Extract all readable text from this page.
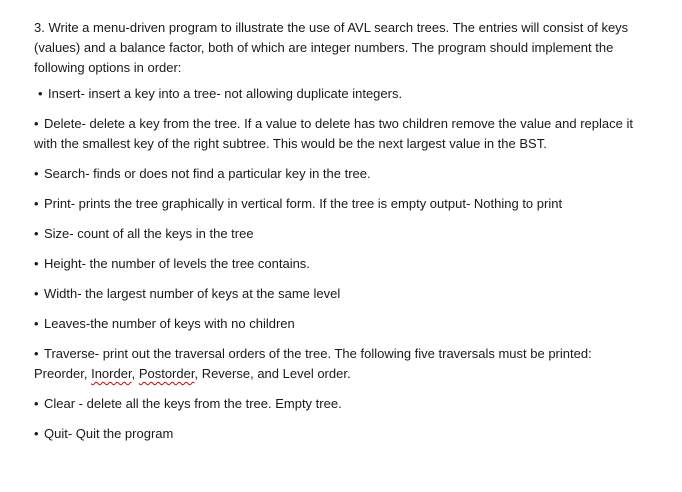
3. Write a menu-driven program to illustrate the use of AVL search trees. The entries will consist of keys (values) and a balance factor, both of which are integer numbers. The program should implement the following options in order:

• Insert- insert a key into a tree- not allowing duplicate integers.
• Delete- delete a key from the tree. If a value to delete has two children remove the value and replace it with the smallest key of the right subtree. This would be the next largest value in the BST.
• Search- finds or does not find a particular key in the tree.
• Print- prints the tree graphically in vertical form. If the tree is empty output- Nothing to print
• Size- count of all the keys in the tree
• Height- the number of levels the tree contains.
• Width- the largest number of keys at the same level
• Leaves-the number of keys with no children
• Traverse- print out the traversal orders of the tree. The following five traversals must be printed:
Preorder, Inorder, Postorder, Reverse, and Level order.
• Clear - delete all the keys from the tree. Empty tree.
• Quit- Quit the program
